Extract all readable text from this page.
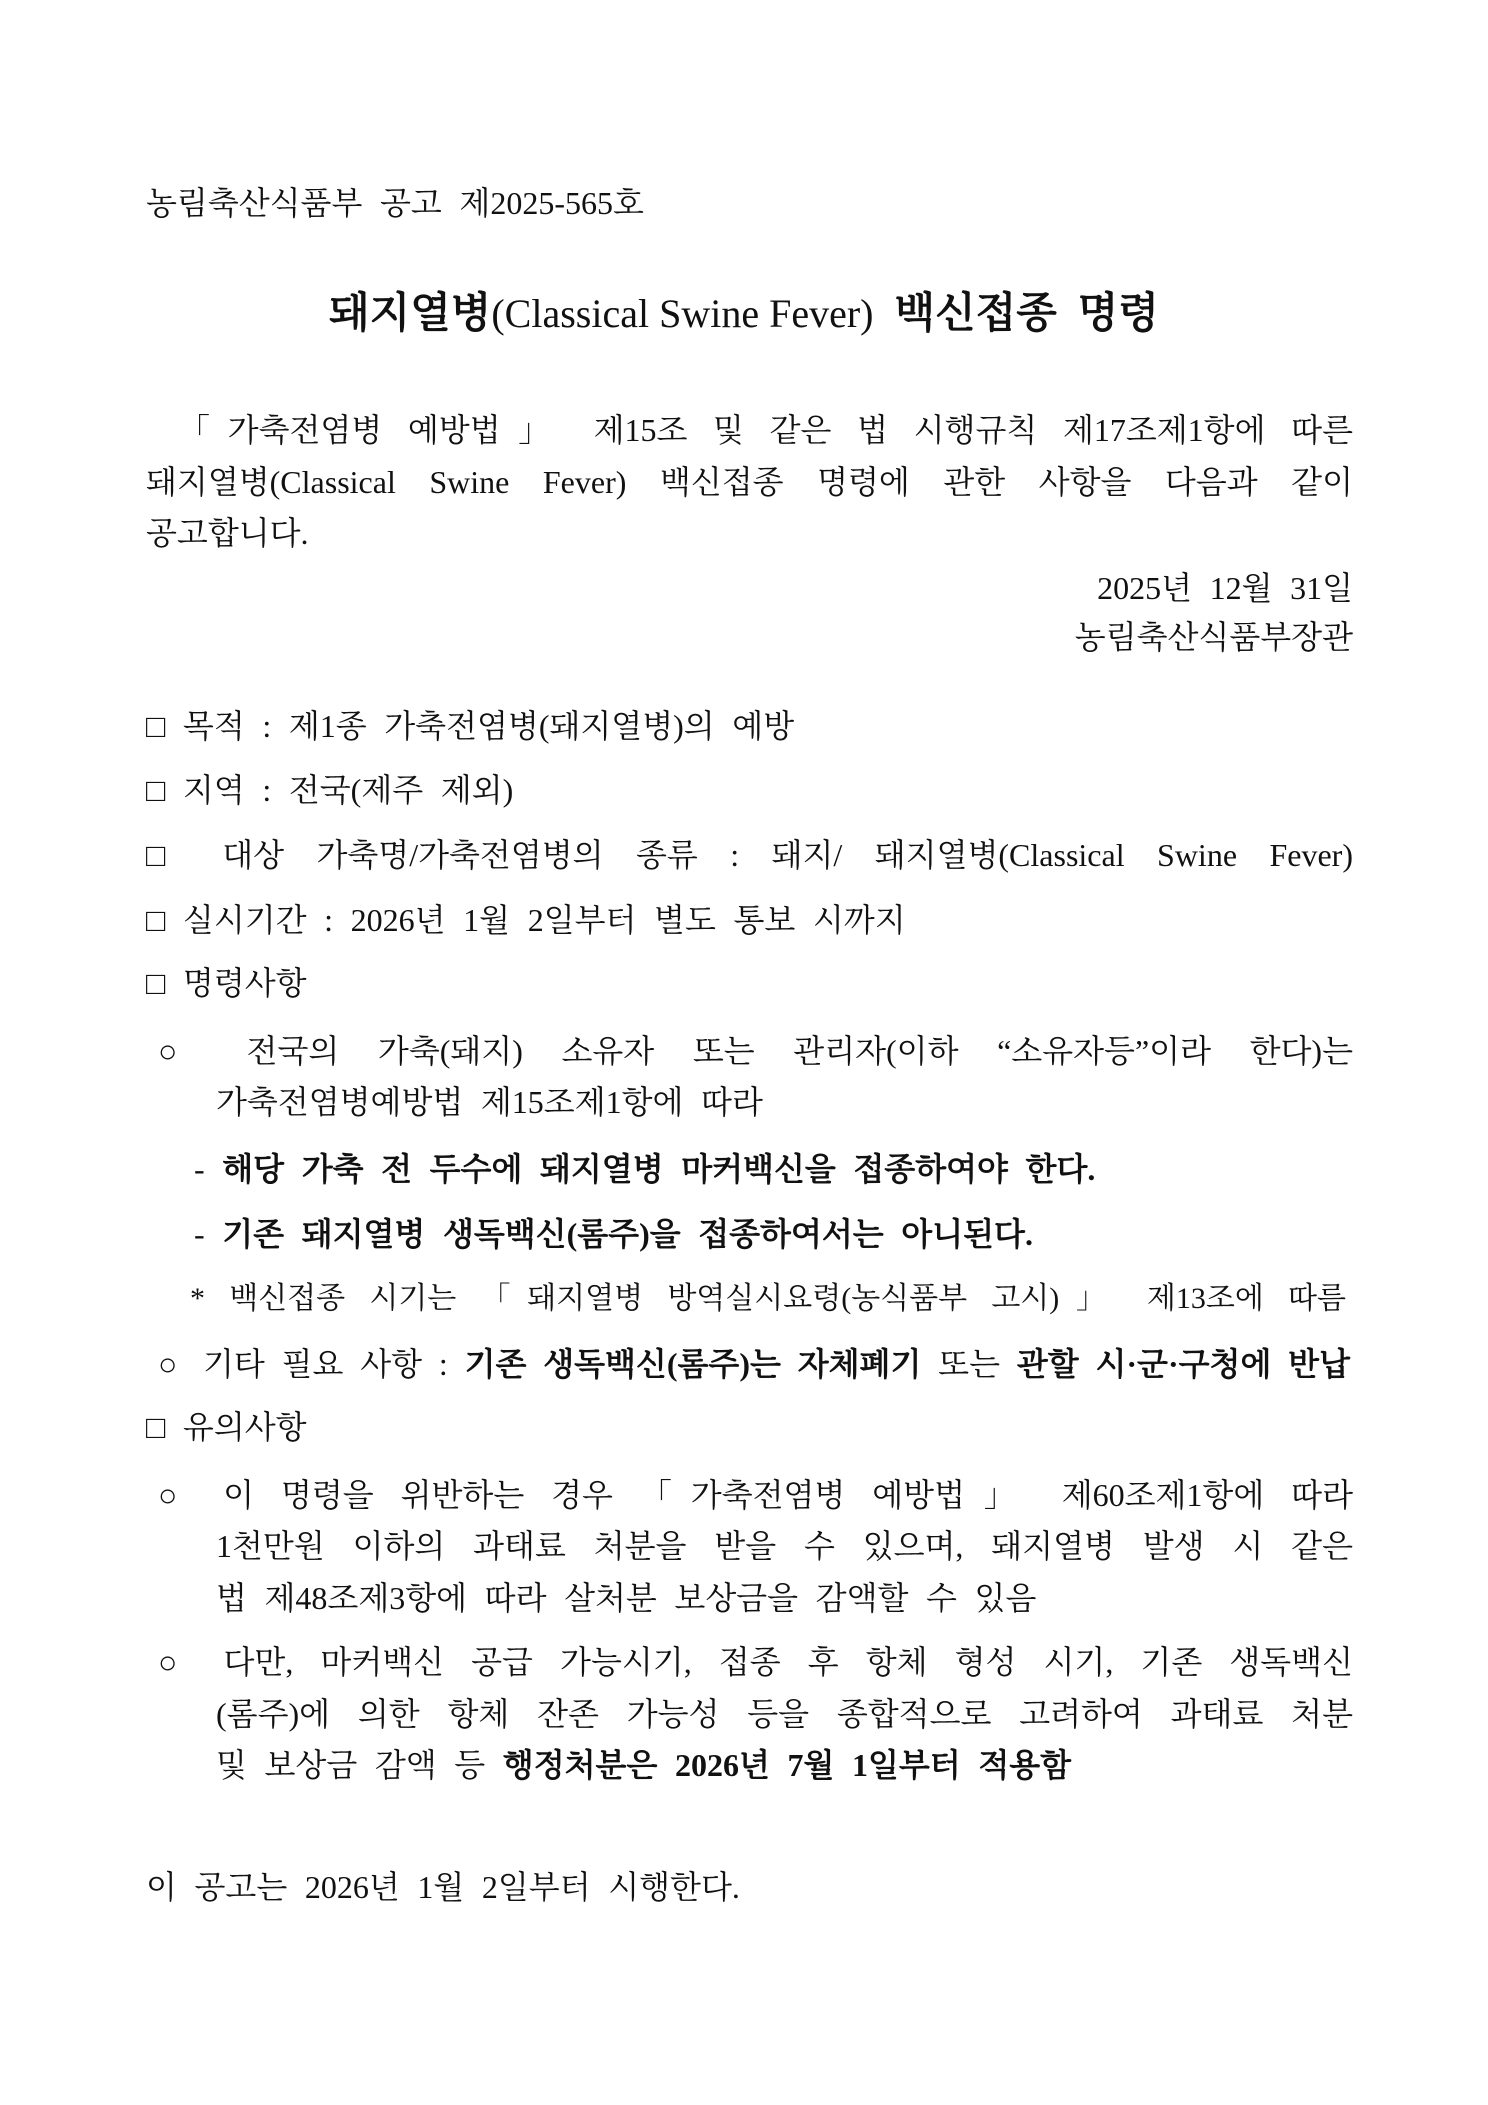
농림축산식품부 공고 제2025-565호
돼지열병(Classical Swine Fever) 백신접종 명령
「가축전염병 예방법」 제15조 및 같은 법 시행규칙 제17조제1항에 따른
돼지열병(Classical Swine Fever) 백신접종 명령에 관한 사항을 다음과 같이
공고합니다.
2025년 12월 31일
농림축산식품부장관
□ 목적 : 제1종 가축전염병(돼지열병)의 예방
□ 지역 : 전국(제주 제외)
□ 대상 가축명/가축전염병의 종류 : 돼지/ 돼지열병(Classical Swine Fever)
□ 실시기간 : 2026년 1월 2일부터 별도 통보 시까지
□ 명령사항
○ 전국의 가축(돼지) 소유자 또는 관리자(이하 “소유자등”이라 한다)는
가축전염병예방법 제15조제1항에 따라
- 해당 가축 전 두수에 돼지열병 마커백신을 접종하여야 한다.
- 기존 돼지열병 생독백신(롬주)을 접종하여서는 아니된다.
* 백신접종 시기는 「돼지열병 방역실시요령(농식품부 고시)」 제13조에 따름
○ 기타 필요 사항 : 기존 생독백신(롬주)는 자체폐기 또는 관할 시·군·구청에 반납
□ 유의사항
○ 이 명령을 위반하는 경우 「가축전염병 예방법」 제60조제1항에 따라
1천만원 이하의 과태료 처분을 받을 수 있으며, 돼지열병 발생 시 같은
법 제48조제3항에 따라 살처분 보상금을 감액할 수 있음
○ 다만, 마커백신 공급 가능시기, 접종 후 항체 형성 시기, 기존 생독백신
(롬주)에 의한 항체 잔존 가능성 등을 종합적으로 고려하여 과태료 처분
및 보상금 감액 등 행정처분은 2026년 7월 1일부터 적용함
이 공고는 2026년 1월 2일부터 시행한다.
